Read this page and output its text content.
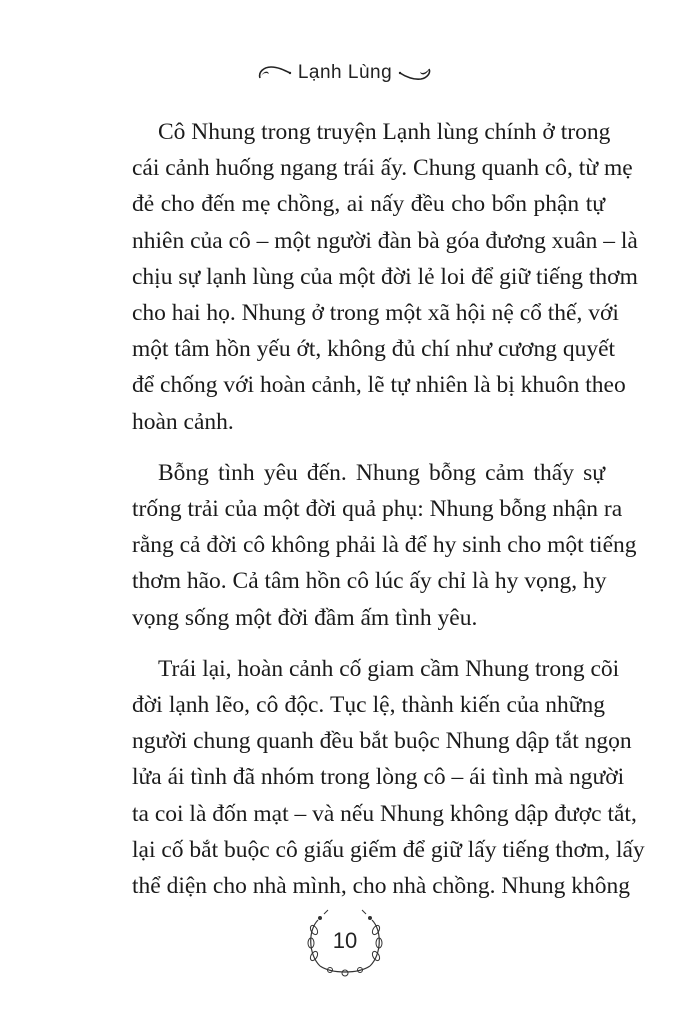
Lạnh Lùng

Cô Nhung trong truyện Lạnh lùng chính ở trong
cái cảnh huống ngang trái ấy. Chung quanh cô, từ mẹ
đẻ cho đến mẹ chồng, ai nấy đều cho bổn phận tự
nhiên của cô – một người đàn bà góa đương xuân – là
chịu sự lạnh lùng của một đời lẻ loi để giữ tiếng thơm
cho hai họ. Nhung ở trong một xã hội nệ cổ thế, với
một tâm hồn yếu ớt, không đủ chí như cương quyết
để chống với hoàn cảnh, lẽ tự nhiên là bị khuôn theo
hoàn cảnh.

Bỗng tình yêu đến. Nhung bỗng cảm thấy sự
trống trải của một đời quả phụ: Nhung bỗng nhận ra
rằng cả đời cô không phải là để hy sinh cho một tiếng
thơm hão. Cả tâm hồn cô lúc ấy chỉ là hy vọng, hy
vọng sống một đời đầm ấm tình yêu.

Trái lại, hoàn cảnh cố giam cầm Nhung trong cõi
đời lạnh lẽo, cô độc. Tục lệ, thành kiến của những
người chung quanh đều bắt buộc Nhung dập tắt ngọn
lửa ái tình đã nhóm trong lòng cô – ái tình mà người
ta coi là đốn mạt – và nếu Nhung không dập được tắt,
lại cố bắt buộc cô giấu giếm để giữ lấy tiếng thơm, lấy
thể diện cho nhà mình, cho nhà chồng. Nhung không

10
